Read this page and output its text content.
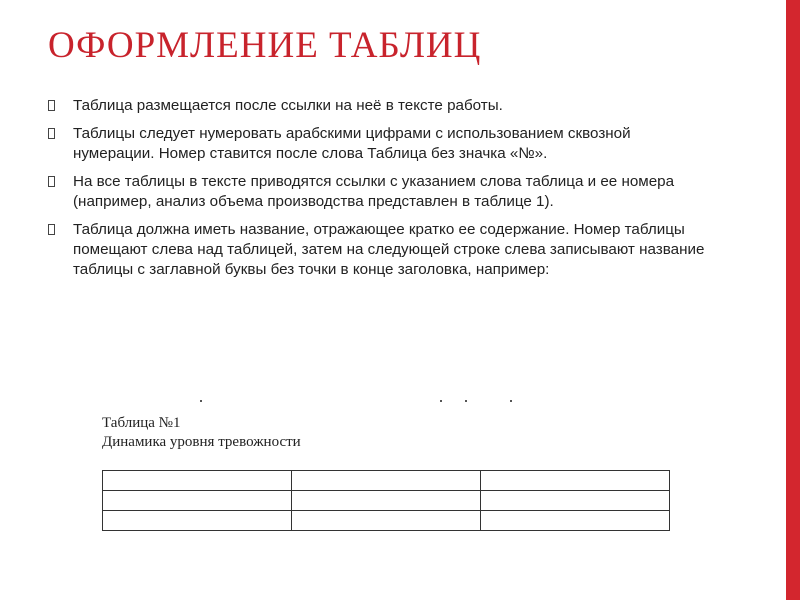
ОФОРМЛЕНИЕ ТАБЛИЦ
Таблица размещается после ссылки на неё в тексте работы.
Таблицы следует нумеровать арабскими цифрами с использованием сквозной нумерации. Номер ставится после слова Таблица без значка «№».
На все таблицы в тексте приводятся ссылки с указанием слова таблица и ее номера (например, анализ объема производства представлен в таблице 1).
Таблица должна иметь название, отражающее кратко ее содержание. Номер таблицы помещают слева над таблицей, затем на следующей строке слева записывают название таблицы с заглавной буквы без точки в конце заголовка, например:
Таблица №1
Динамика уровня тревожности
